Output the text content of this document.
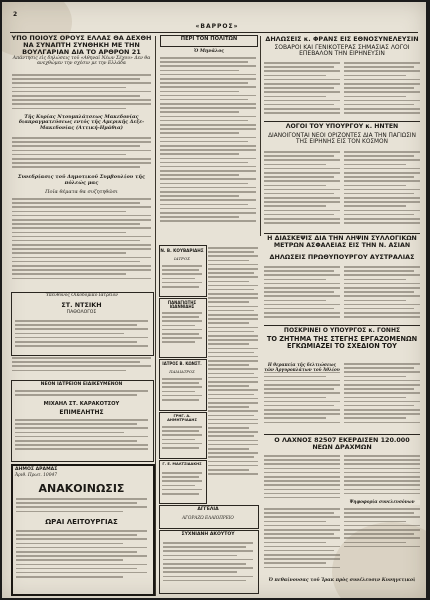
2
«ΒΑΡΡΟΣ»
ΥΠΟ ΠΟΙΟΥΣ ΟΡΟΥΣ ΕΛΛΑΣ ΘΑ ΔΕΧΘΗ ΝΑ ΣΥΝΑΠΤΗ ΣΥΝΘΗΚΗ ΜΕ ΤΗΝ ΒΟΥΛΓΑΡΙΑΝ ΔΙΑ ΤΟ ΑΡΘΡΟΝ 21
Απάντησις εἰς δηλώσεις τοῦ «Αθηναϊ Νέων Σέχου» Δεν θα ανεχθώμεν την σχέσιν με την Ελλάδα
Τῆς Κυρίας Ντουμπλάτσεως Μακεδονίας διαπραγματεύσεως εντός τῆς Αμερικῆς Δεξε-Μακεδονίας (Αττική-Ημάθια)
Συνεδρίασις τοῦ Δημοτικοῦ Συμβουλίου τῆς πόλεώς μας
Ποῖα θέματα θα συζητηθῶσι
Ὑπεύθυνος Οικοδομικό Ιατρείον
ΣΤ. ΝΤΣΙΚΗ
ΠΑΘΟΛΟΓΟΣ
ΝΕΟΝ ΙΑΤΡΕΙΟΝ ΕΙΔΙΚΕΥΜΕΝΟΝ
ΜΙΧΑΗΛ ΣΤ. ΚΑΡΑΚΟΤΣΟΥ
ΕΠΙΜΕΛΗΤΗΣ
ΔΗΜΟΣ ΔΡΑΜΑΣ
Ἀριθ. Πρωτ. 10047
ΑΝΑΚΟΙΝΩΣΙΣ
ΩΡΑΙ ΛΕΙΤΟΥΡΓΙΑΣ
ΠΕΡΙ ΤΟΝ ΠΟΛΙΤΩΝ
Ὁ Μηνᾶλος
Ν. Β. ΚΟΥΒΑΡΙΔΗΣ
ΙΑΤΡΟΣ
ΠΑΝΑΓΙΩΤΗΣ ΙΩΑΝΝΙΔΗΣ
ΙΑΤΡΟΣ Β. ΚΩΝΣΤ.
ΠΑΙΔΙΑΤΡΟΣ
ΓΡΗΓ. Α. ΔΗΜΗΤΡΙΑΔΗΣ
Γ. Ε. ΜΑΛΤΣΙΔΑΚΗΣ
ΑΓΓΕΛΙΑ
ΑΓΟΡΑΖΩ ΕΛΑΙΟΠΡΕΙΟ
ΣΥΧΝΙΑΝΗ ΑΚΟΥΤΟΥ
ΔΗΛΩΣΕΙΣ κ. ΦΡΑΝΣ ΕΙΣ ΕΘΝΟΣΥΝΕΛΕΥΣΙΝ
ΣΟΒΑΡΟΙ ΚΑΙ ΓΕΝΙΚΟΤΕΡΑΣ ΣΗΜΑΣΙΑΣ ΛΟΓΟΙ ΕΠΕΒΑΛΟΝ ΤΗΝ ΕΙΡΗΝΕΥΣΙΝ
ΛΟΓΟΙ ΤΟΥ ΥΠΟΥΡΓΟΥ κ. ΗΝΤΕΝ
ΔΙΑΝΟΙΓΟΝΤΑΙ ΝΕΟΙ ΟΡΙΖΟΝΤΕΣ ΔΙΑ ΤΗΝ ΠΑΓΙΩΣΙΝ ΤΗΣ ΕΙΡΗΝΗΣ ΕΙΣ ΤΟΝ ΚΟΣΜΟΝ
Η ΔΙΑΣΚΕΨΙΣ ΔΙΑ ΤΗΝ ΛΗΨΙΝ ΣΥΛΛΟΓΙΚΩΝ ΜΕΤΡΩΝ ΑΣΦΑΛΕΙΑΣ ΕΙΣ ΤΗΝ Ν. ΑΣΙΑΝ
ΔΗΛΩΣΕΙΣ ΠΡΩΘΥΠΟΥΡΓΟΥ ΑΥΣΤΡΑΛΙΑΣ
ΠΟΣΚΡΙΝΕΙ Ο ΥΠΟΥΡΓΟΣ κ. ΓΟΝΗΣ
ΤΟ ΖΗΤΗΜΑ ΤΗΣ ΣΤΕΓΗΣ ΕΡΓΑΖΟΜΕΝΩΝ ΕΓΚΩΜΙΑΖΕΙ ΤΟ ΣΧΕΔΙΟΝ ΤΟΥ
Η θεραπεία τῆς δελτιώσεως τῶν Ἀργυροπλάτων τοῦ Ἀθλίου
Ο ΛΑΧΝΟΣ 82507 ΕΚΕΡΔΙΣΕΝ 120.000 ΝΕΩΝ ΔΡΑΧΜΩΝ
Ψηφοφορία συνελευσόνων
Ὁ πεθαίνουσας τοῦ Ἰρακ πρὸς συνέλευσιν Κυνηγετικοὶ
